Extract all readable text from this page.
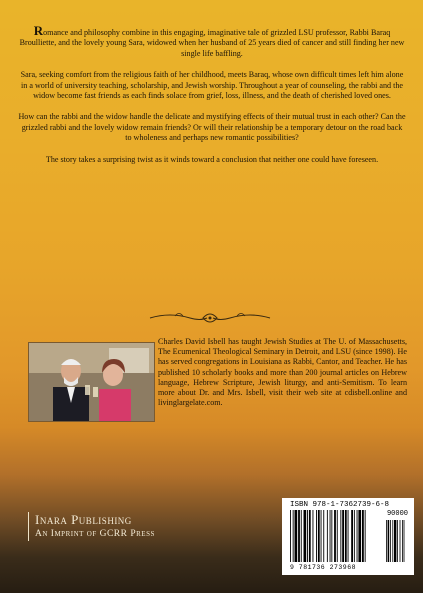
Romance and philosophy combine in this engaging, imaginative tale of grizzled LSU professor, Rabbi Baraq Broulliette, and the lovely young Sara, widowed when her husband of 25 years died of cancer and still finding her new single life baffling.

Sara, seeking comfort from the religious faith of her childhood, meets Baraq, whose own difficult times left him alone in a world of university teaching, scholarship, and Jewish worship. Throughout a year of counseling, the rabbi and the widow become fast friends as each finds solace from grief, loss, illness, and the death of cherished loved ones.

How can the rabbi and the widow handle the delicate and mystifying effects of their mutual trust in each other? Can the grizzled rabbi and the lovely widow remain friends? Or will their relationship be a temporary detour on the road back to wholeness and perhaps new romantic possibilities?

The story takes a surprising twist as it winds toward a conclusion that neither one could have foreseen.

Charles David Isbell has taught Jewish Studies at The U. of Massachusetts, The Ecumenical Theological Seminary in Detroit, and LSU (since 1998). He has served congregations in Louisiana as Rabbi, Cantor, and Teacher. He has published 10 scholarly books and more than 200 journal articles on Hebrew language, Hebrew Scripture, Jewish liturgy, and anti-Semitism. To learn more about Dr. and Mrs. Isbell, visit their web site at cdisbell.online and livinglargelate.com.
Inara Publishing
An Imprint of GCRR Press
ISBN 978-1-7362739-6-8
90000
9 781736 273968
